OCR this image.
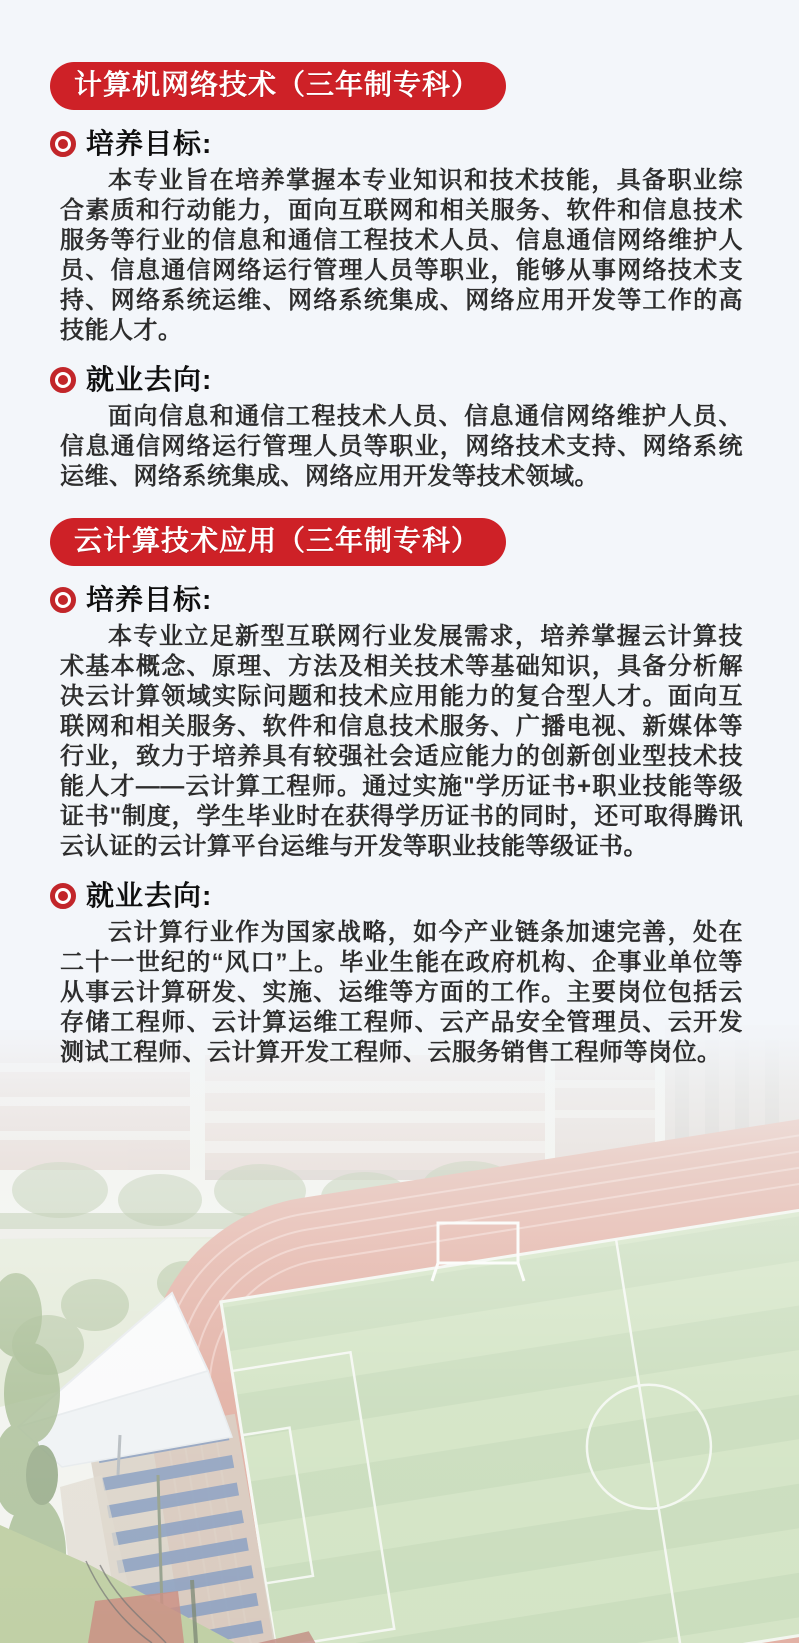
计算机网络技术（三年制专科）
培养目标:

本专业旨在培养掌握本专业知识和技术技能，具备职业综合素质和行动能力，面向互联网和相关服务、软件和信息技术服务等行业的信息和通信工程技术人员、信息通信网络维护人员、信息通信网络运行管理人员等职业，能够从事网络技术支持、网络系统运维、网络系统集成、网络应用开发等工作的高技能人才。

就业去向:

面向信息和通信工程技术人员、信息通信网络维护人员、信息通信网络运行管理人员等职业，网络技术支持、网络系统运维、网络系统集成、网络应用开发等技术领域。

云计算技术应用（三年制专科）
培养目标:

本专业立足新型互联网行业发展需求，培养掌握云计算技术基本概念、原理、方法及相关技术等基础知识，具备分析解决云计算领域实际问题和技术应用能力的复合型人才。面向互联网和相关服务、软件和信息技术服务、广播电视、新媒体等行业，致力于培养具有较强社会适应能力的创新创业型技术技能人才——云计算工程师。通过实施"学历证书+职业技能等级证书"制度，学生毕业时在获得学历证书的同时，还可取得腾讯云认证的云计算平台运维与开发等职业技能等级证书。

就业去向:

云计算行业作为国家战略，如今产业链条加速完善，处在二十一世纪的“风口”上。毕业生能在政府机构、企事业单位等从事云计算研发、实施、运维等方面的工作。主要岗位包括云存储工程师、云计算运维工程师、云产品安全管理员、云开发测试工程师、云计算开发工程师、云服务销售工程师等岗位。
